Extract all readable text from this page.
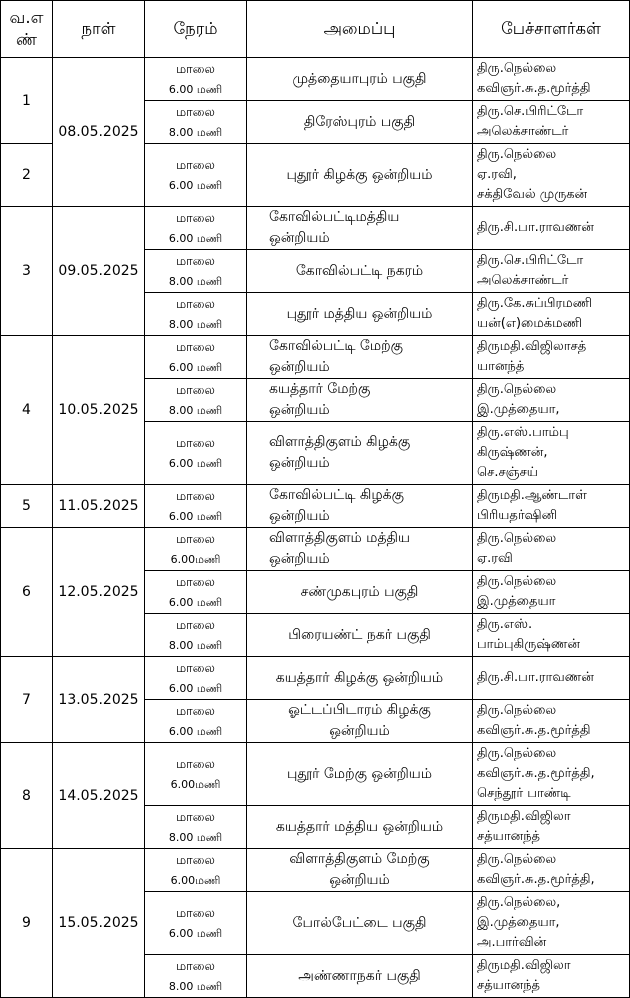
வ.எ
ண்	நாள்	நேரம்	அமைப்பு	பேச்சாளர்கள்
1	08.05.2025	மாலை
6.00 மணி	முத்தையாபுரம் பகுதி	திரு.நெல்லை
கவிஞர்.சு.த.மூர்த்தி

		மாலை
8.00 மணி	திரேஸ்புரம் பகுதி	திரு.செ.பிரிட்டோ
அலெக்சாண்டர்

2		மாலை
6.00 மணி	புதூர் கிழக்கு ஒன்றியம்	திரு.நெல்லை
ஏ.ரவி,
சக்திவேல் முருகன்

3	09.05.2025	மாலை
6.00 மணி	கோவில்பட்டிமத்திய
ஒன்றியம்	திரு.சி.பா.ராவணன்

		மாலை
8.00 மணி	கோவில்பட்டி நகரம்	திரு.செ.பிரிட்டோ
அலெக்சாண்டர்

		மாலை
8.00 மணி	புதூர் மத்திய ஒன்றியம்	திரு.கே.சுப்பிரமணி
யன்(எ)மைக்மணி

4	10.05.2025	மாலை
6.00 மணி	கோவில்பட்டி மேற்கு
ஒன்றியம்	திருமதி.விஜிலாசத்
யானந்த்

		மாலை
8.00 மணி	கயத்தார் மேற்கு
ஒன்றியம்	திரு.நெல்லை
இ.முத்தையா,

		மாலை
6.00 மணி	விளாத்திகுளம் கிழக்கு
ஒன்றியம்	திரு.எஸ்.பாம்பு
கிருஷ்ணன்,
செ.சஞ்சய்

5	11.05.2025	மாலை
6.00 மணி	கோவில்பட்டி கிழக்கு
ஒன்றியம்	திருமதி.ஆண்டாள்
பிரியதர்ஷினி

6	12.05.2025	மாலை
6.00மணி	விளாத்திகுளம் மத்திய
ஒன்றியம்	திரு.நெல்லை
ஏ.ரவி

		மாலை
6.00 மணி	சண்முகபுரம் பகுதி	திரு.நெல்லை
இ.முத்தையா

		மாலை
8.00 மணி	பிரையண்ட் நகர் பகுதி	திரு.எஸ்.
பாம்புகிருஷ்ணன்

7	13.05.2025	மாலை
6.00 மணி	கயத்தார் கிழக்கு ஒன்றியம்	திரு.சி.பா.ராவணன்

		மாலை
6.00 மணி	ஓட்டப்பிடாரம் கிழக்கு
ஒன்றியம்	திரு.நெல்லை
கவிஞர்.சு.த.மூர்த்தி

8	14.05.2025	மாலை
6.00மணி	புதூர் மேற்கு ஒன்றியம்	திரு.நெல்லை
கவிஞர்.சு.த.மூர்த்தி,
செந்தூர் பாண்டி

		மாலை
8.00 மணி	கயத்தார் மத்திய ஒன்றியம்	திருமதி.விஜிலா
சத்யானந்த்

9	15.05.2025	மாலை
6.00மணி	விளாத்திகுளம் மேற்கு
ஒன்றியம்	திரு.நெல்லை
கவிஞர்.சு.த.மூர்த்தி,

		மாலை
6.00 மணி	போல்பேட்டை பகுதி	திரு.நெல்லை,
இ.முத்தையா,
அ.பார்வின்

		மாலை
8.00 மணி	அண்ணாநகர் பகுதி	திருமதி.விஜிலா
சத்யானந்த்
